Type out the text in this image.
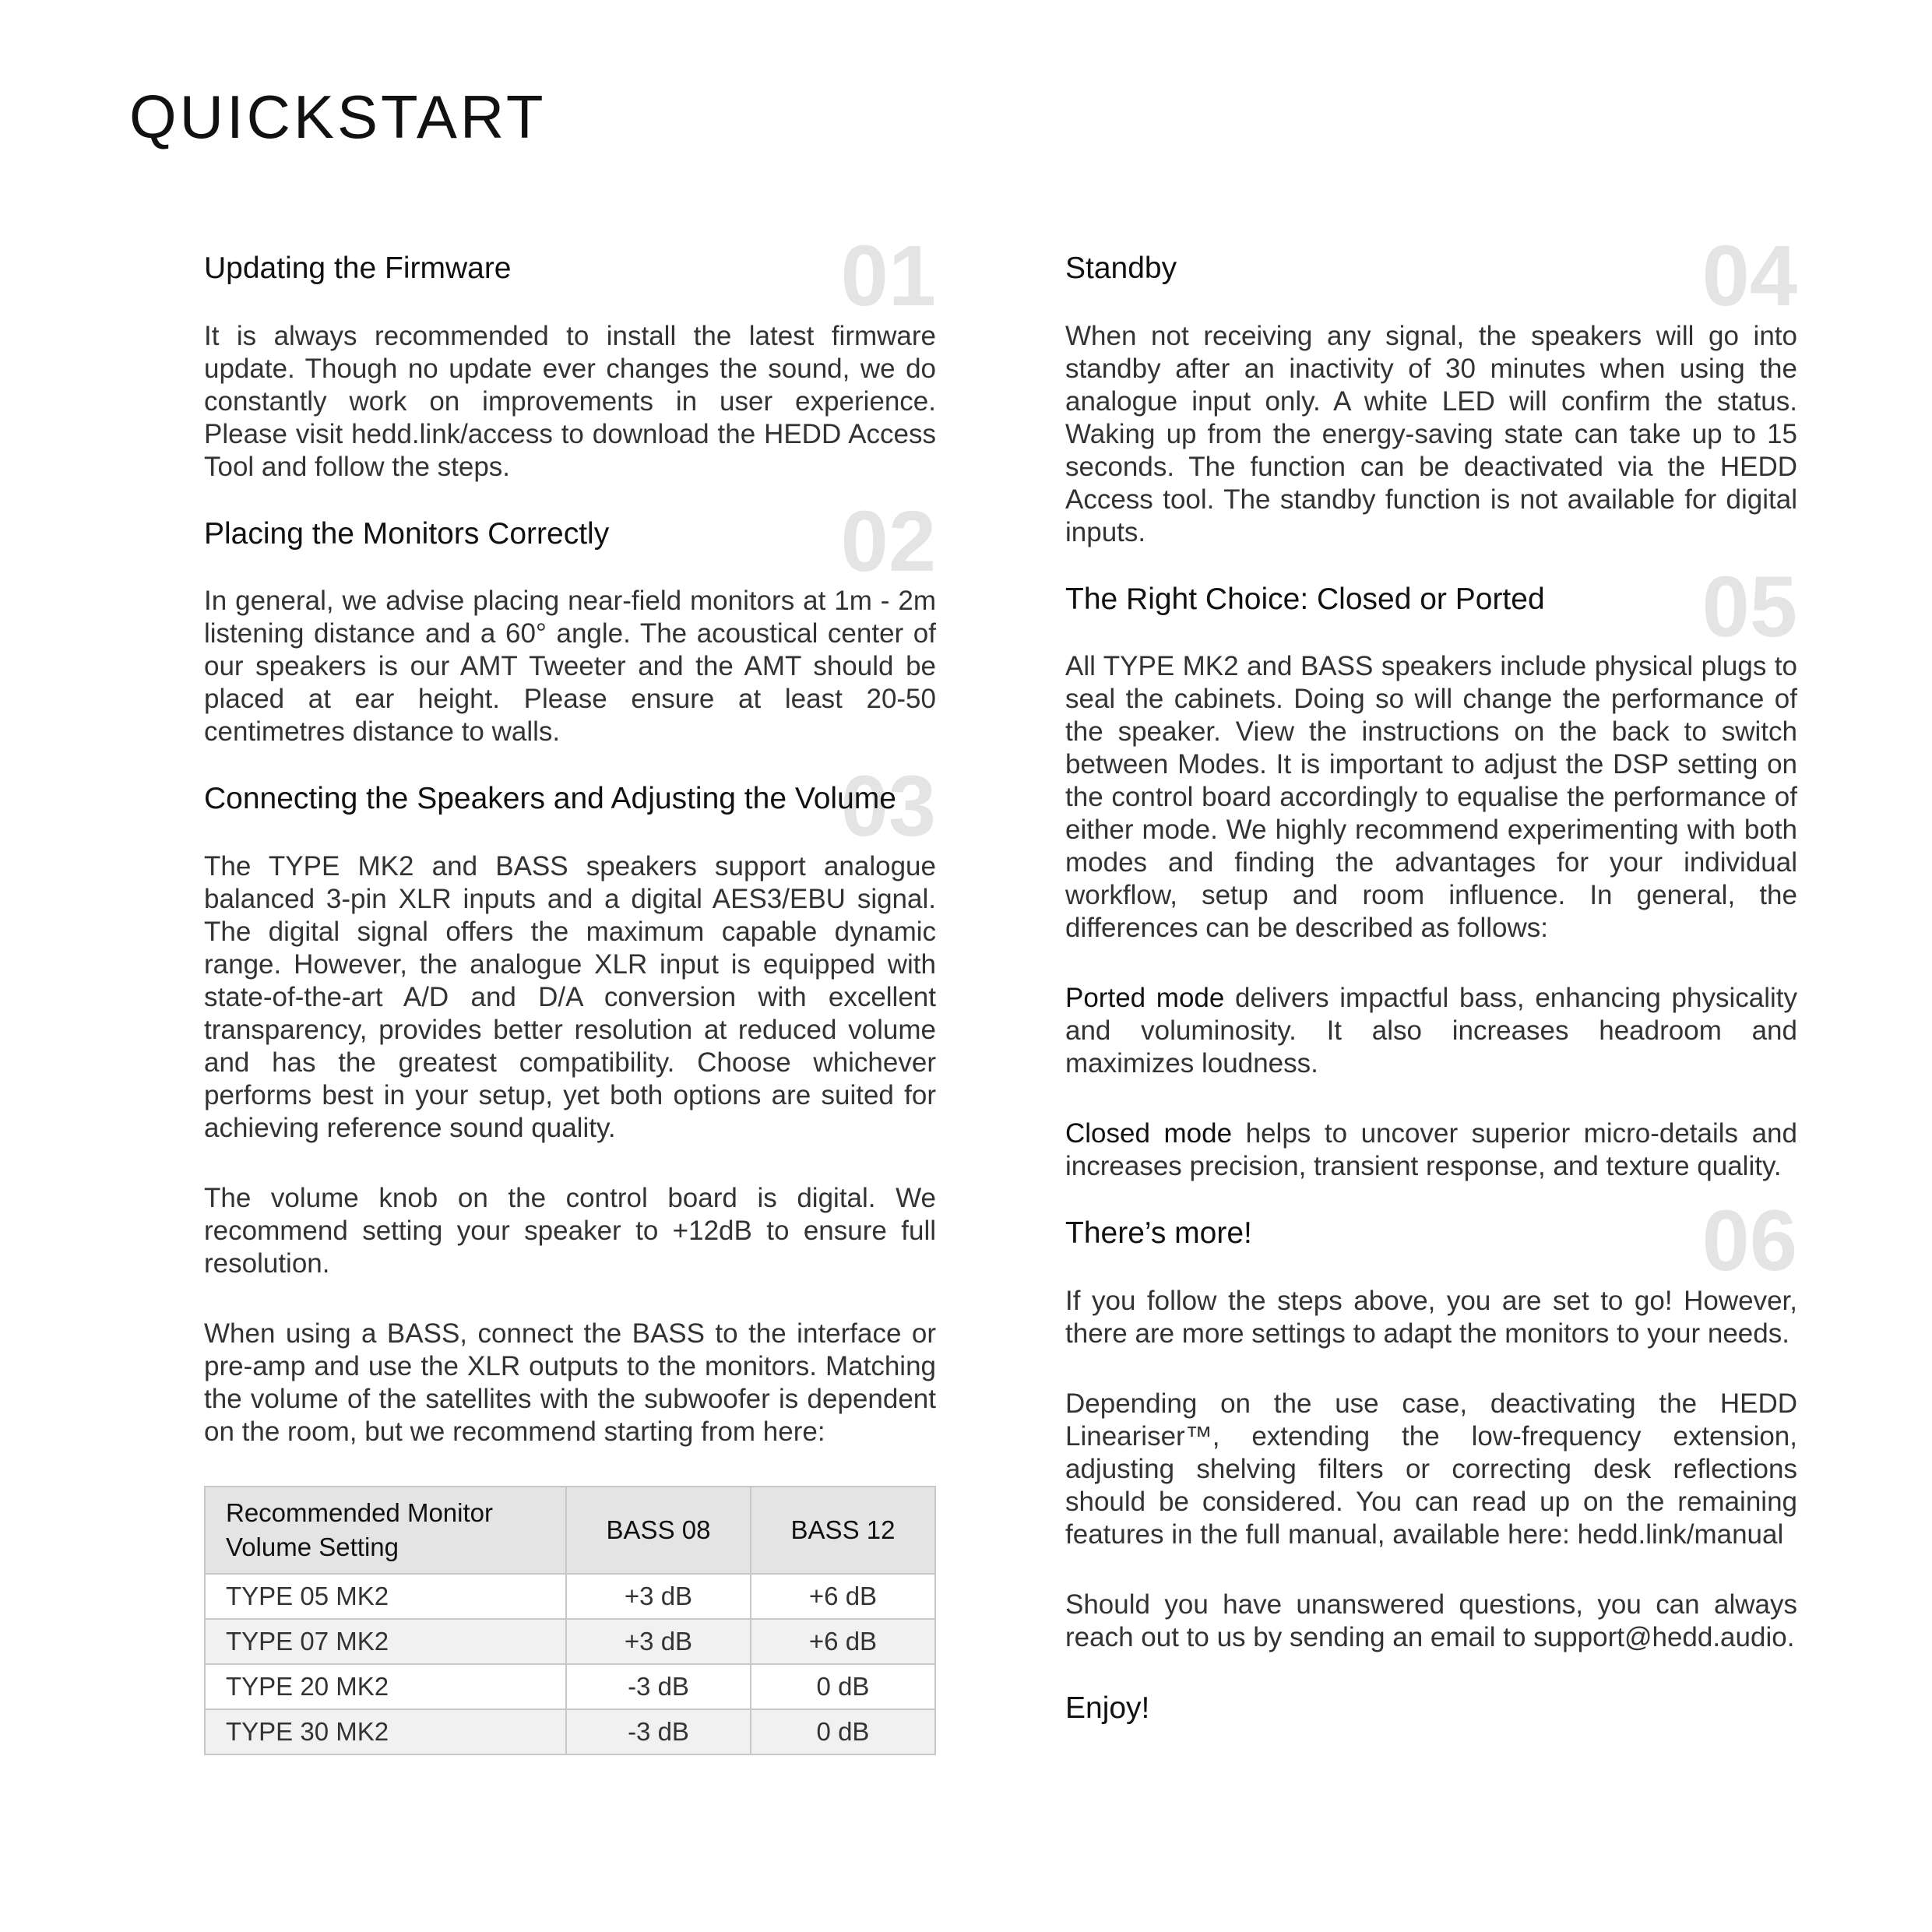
QUICKSTART
01
Updating the Firmware

It is always recommended to install the latest firmware update. Though no update ever changes the sound, we do constantly work on improvements in user experience. Please visit hedd.link/access to download the HEDD Access Tool and follow the steps.

02
Placing the Monitors Correctly

In general, we advise placing near-field monitors at 1m - 2m listening distance and a 60° angle. The acoustical center of our speakers is our AMT Tweeter and the AMT should be placed at ear height. Please ensure at least 20-50 centimetres distance to walls.

03
Connecting the Speakers and Adjusting the Volume

The TYPE MK2 and BASS speakers support analogue balanced 3-pin XLR inputs and a digital AES3/EBU signal. The digital signal offers the maximum capable dynamic range. However, the analogue XLR input is equipped with state-of-the-art A/D and D/A conversion with excellent transparency, provides better resolution at reduced volume and has the greatest compatibility. Choose whichever performs best in your setup, yet both options are suited for achieving reference sound quality.

The volume knob on the control board is digital. We recommend setting your speaker to +12dB to ensure full resolution.

When using a BASS, connect the BASS to the interface or pre-amp and use the XLR outputs to the monitors. Matching the volume of the satellites with the subwoofer is dependent on the room, but we recommend starting from here:

Recommended Monitor Volume Setting	BASS 08	BASS 12
TYPE 05 MK2	+3 dB	+6 dB
TYPE 07 MK2	+3 dB	+6 dB
TYPE 20 MK2	-3 dB	0 dB
TYPE 30 MK2	-3 dB	0 dB
04
Standby

When not receiving any signal, the speakers will go into standby after an inactivity of 30 minutes when using the analogue input only. A white LED will confirm the status. Waking up from the energy-saving state can take up to 15 seconds. The function can be deactivated via the HEDD Access tool. The standby function is not available for digital inputs.

05
The Right Choice: Closed or Ported

All TYPE MK2 and BASS speakers include physical plugs to seal the cabinets. Doing so will change the performance of the speaker. View the instructions on the back to switch between Modes. It is important to adjust the DSP setting on the control board accordingly to equalise the performance of either mode. We highly recommend experimenting with both modes and finding the advantages for your individual workflow, setup and room influence. In general, the differences can be described as follows:

Ported mode delivers impactful bass, enhancing physicality and voluminosity. It also increases headroom and maximizes loudness.

Closed mode helps to uncover superior micro-details and increases precision, transient response, and texture quality.

06
There’s more!

If you follow the steps above, you are set to go! However, there are more settings to adapt the monitors to your needs.

Depending on the use case, deactivating the HEDD Lineariser™, extending the low-frequency extension, adjusting shelving filters or correcting desk reflections should be considered. You can read up on the remaining features in the full manual, available here: hedd.link/manual

Should you have unanswered questions, you can always reach out to us by sending an email to support@hedd.audio.

Enjoy!
